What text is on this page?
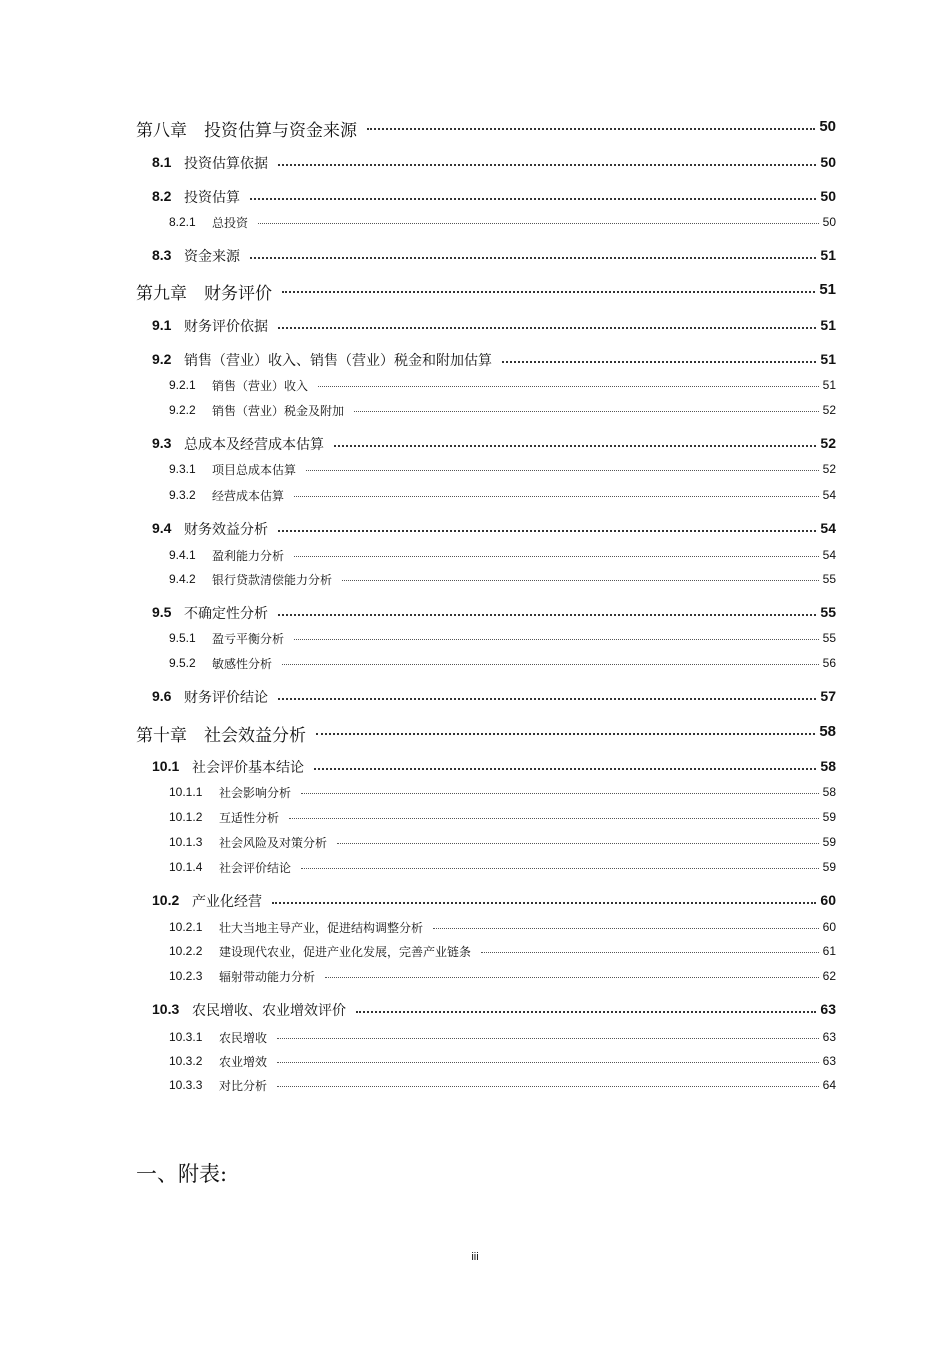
第八章　投资估算与资金来源	50
8.1 投资估算依据	50
8.2 投资估算	50
8.2.1 总投资	50
8.3 资金来源	51
第九章　财务评价	51
9.1 财务评价依据	51
9.2 销售（营业）收入、销售（营业）税金和附加估算	51
9.2.1 销售（营业）收入	51
9.2.2 销售（营业）税金及附加	52
9.3 总成本及经营成本估算	52
9.3.1 项目总成本估算	52
9.3.2 经营成本估算	54
9.4 财务效益分析	54
9.4.1 盈利能力分析	54
9.4.2 银行贷款清偿能力分析	55
9.5 不确定性分析	55
9.5.1 盈亏平衡分析	55
9.5.2 敏感性分析	56
9.6 财务评价结论	57
第十章　社会效益分析	58
10.1 社会评价基本结论	58
10.1.1 社会影响分析	58
10.1.2 互适性分析	59
10.1.3 社会风险及对策分析	59
10.1.4 社会评价结论	59
10.2 产业化经营	60
10.2.1 壮大当地主导产业，促进结构调整分析	60
10.2.2 建设现代农业，促进产业化发展，完善产业链条	61
10.2.3 辐射带动能力分析	62
10.3 农民增收、农业增效评价	63
10.3.1 农民增收	63
10.3.2 农业增效	63
10.3.3 对比分析	64
一、附表:
iii
